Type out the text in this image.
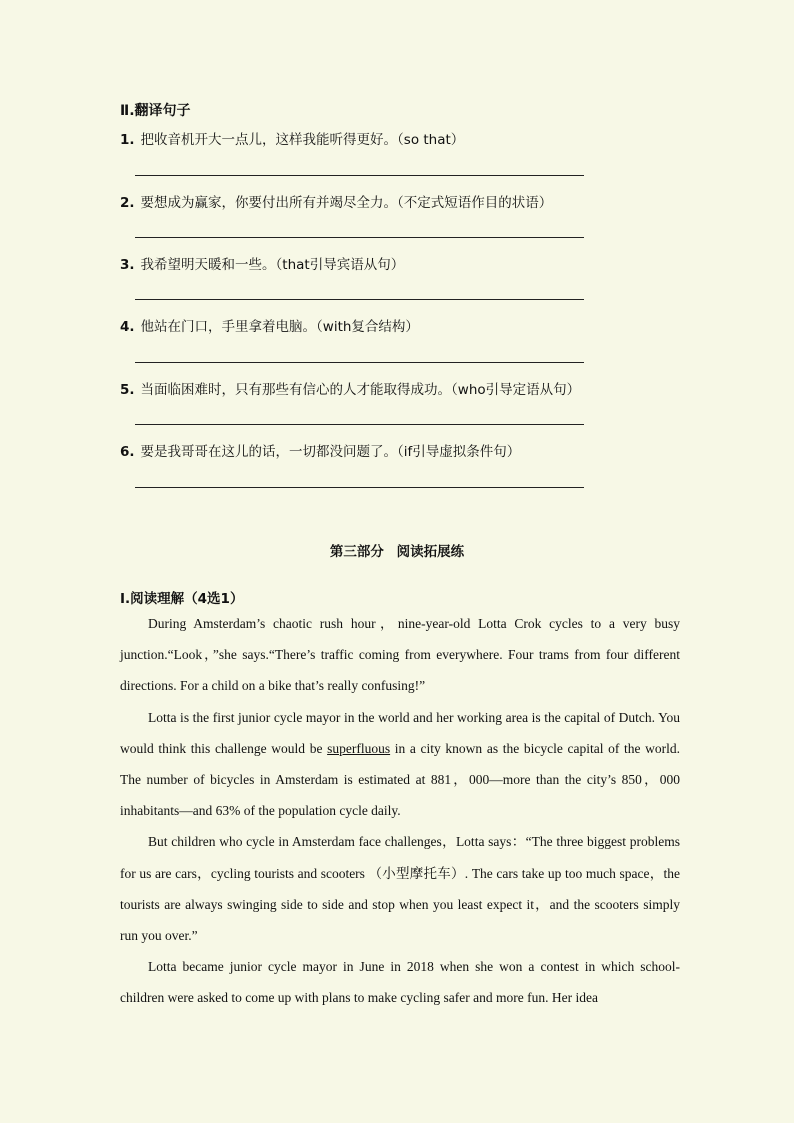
Ⅱ.翻译句子
1. 把收音机开大一点儿，这样我能听得更好。（so that）
2. 要想成为赢家，你要付出所有并竭尽全力。（不定式短语作目的状语）
3. 我希望明天暖和一些。（that引导宾语从句）
4. 他站在门口，手里拿着电脑。（with复合结构）
5. 当面临困难时，只有那些有信心的人才能取得成功。（who引导定语从句）
6. 要是我哥哥在这儿的话，一切都没问题了。（if引导虚拟条件句）
第三部分 阅读拓展练
Ⅰ.阅读理解（4选1）

During Amsterdam’s chaotic rush hour，nine-year-old Lotta Crok cycles to a very busy junction.“Look，”she says.“There’s traffic coming from everywhere. Four trams from four different directions. For a child on a bike that’s really confusing!”

Lotta is the first junior cycle mayor in the world and her working area is the capital of Dutch. You would think this challenge would be superfluous in a city known as the bicycle capital of the world. The number of bicycles in Amsterdam is estimated at 881，000—more than the city’s 850，000 inhabitants—and 63% of the population cycle daily.

But children who cycle in Amsterdam face challenges，Lotta says：“The three biggest problems for us are cars，cycling tourists and scooters （小型摩托车）. The cars take up too much space，the tourists are always swinging side to side and stop when you least expect it，and the scooters simply run you over.”

Lotta became junior cycle mayor in June in 2018 when she won a contest in which school-children were asked to come up with plans to make cycling safer and more fun. Her idea
